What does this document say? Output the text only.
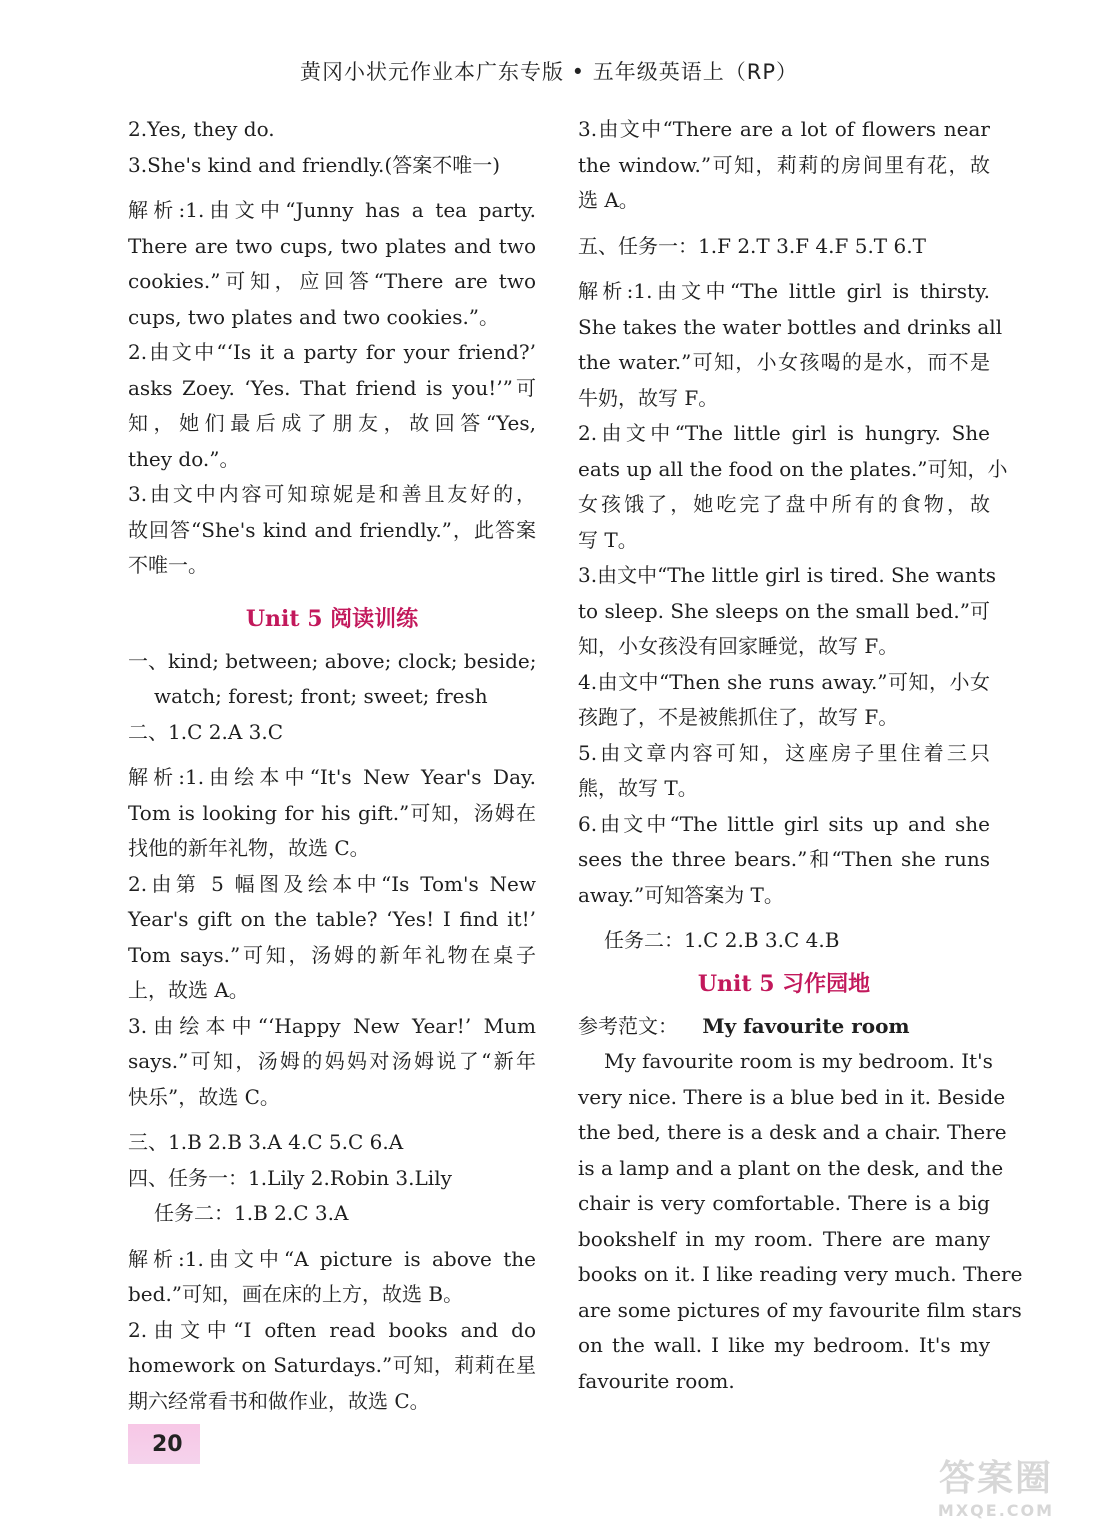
黄冈小状元作业本广东专版 • 五年级英语上（RP）
2.Yes, they do.
3.She's kind and friendly.(答案不唯一)
解析:1.由文中“Junny has a tea party.
There are two cups, two plates and two
cookies.”可知，应回答“There are two
cups, two plates and two cookies.”。
2.由文中“‘Is it a party for your friend?’
asks Zoey. ‘Yes. That friend is you!’”可
知，她们最后成了朋友，故回答“Yes,
they do.”。
3.由文中内容可知琼妮是和善且友好的，
故回答“She's kind and friendly.”，此答案
不唯一。
Unit 5 阅读训练
一、kind; between; above; clock; beside;
watch; forest; front; sweet; fresh
二、1.C 2.A 3.C
解析:1.由绘本中“It's New Year's Day.
Tom is looking for his gift.”可知，汤姆在
找他的新年礼物，故选 C。
2.由第 5 幅图及绘本中“Is Tom's New
Year's gift on the table? ‘Yes! I find it!’
Tom says.”可知，汤姆的新年礼物在桌子
上，故选 A。
3.由绘本中“‘Happy New Year!’ Mum
says.”可知，汤姆的妈妈对汤姆说了“新年
快乐”，故选 C。
三、1.B 2.B 3.A 4.C 5.C 6.A
四、任务一：1.Lily 2.Robin 3.Lily
任务二：1.B 2.C 3.A
解析:1.由文中“A picture is above the
bed.”可知，画在床的上方，故选 B。
2.由文中“I often read books and do
homework on Saturdays.”可知，莉莉在星
期六经常看书和做作业，故选 C。
3.由文中“There are a lot of flowers near
the window.”可知，莉莉的房间里有花，故
选 A。
五、任务一：1.F 2.T 3.F 4.F 5.T 6.T
解析:1.由文中“The little girl is thirsty.
She takes the water bottles and drinks all
the water.”可知，小女孩喝的是水，而不是
牛奶，故写 F。
2.由文中“The little girl is hungry. She
eats up all the food on the plates.”可知，小
女孩饿了，她吃完了盘中所有的食物，故
写 T。
3.由文中“The little girl is tired. She wants
to sleep. She sleeps on the small bed.”可
知，小女孩没有回家睡觉，故写 F。
4.由文中“Then she runs away.”可知，小女
孩跑了，不是被熊抓住了，故写 F。
5.由文章内容可知，这座房子里住着三只
熊，故写 T。
6.由文中“The little girl sits up and she
sees the three bears.”和“Then she runs
away.”可知答案为 T。
任务二：1.C 2.B 3.C 4.B
Unit 5 习作园地
参考范文： My favourite room
My favourite room is my bedroom. It's
very nice. There is a blue bed in it. Beside
the bed, there is a desk and a chair. There
is a lamp and a plant on the desk, and the
chair is very comfortable. There is a big
bookshelf in my room. There are many
books on it. I like reading very much. There
are some pictures of my favourite film stars
on the wall. I like my bedroom. It's my
favourite room.
20
答案圈
MXQE.COM
